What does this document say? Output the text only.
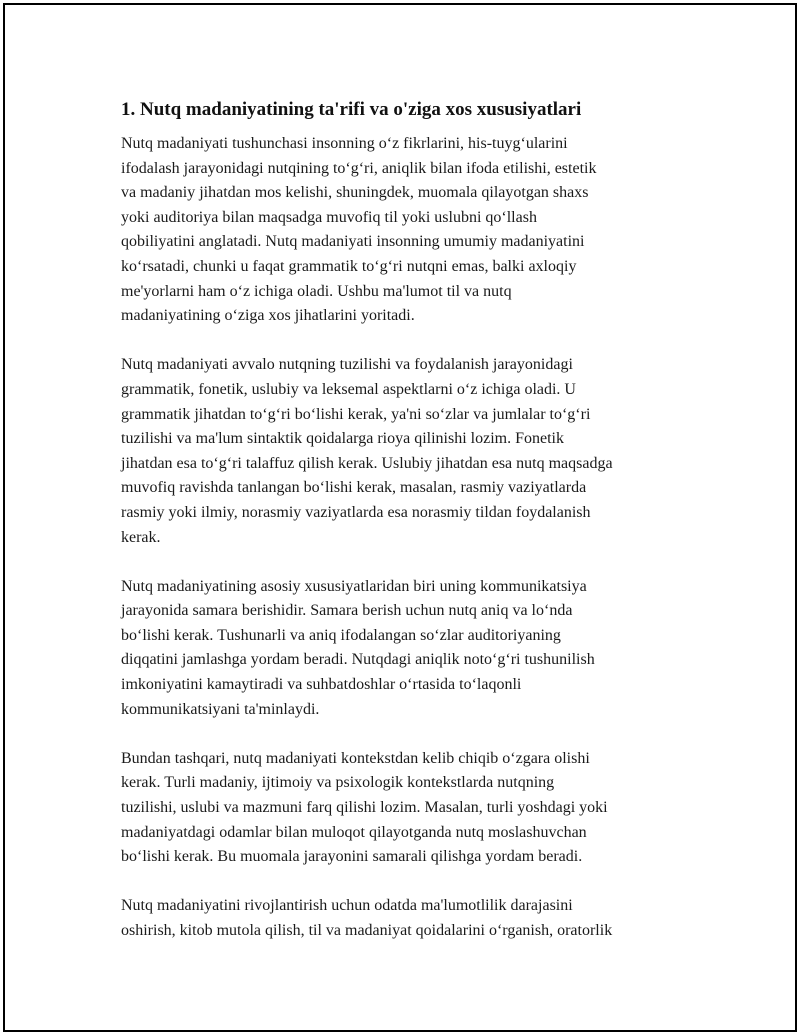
1. Nutq madaniyatining ta'rifi va o'ziga xos xususiyatlari

Nutq madaniyati tushunchasi insonning o‘z fikrlarini, his-tuyg‘ularini
ifodalash jarayonidagi nutqining to‘g‘ri, aniqlik bilan ifoda etilishi, estetik
va madaniy jihatdan mos kelishi, shuningdek, muomala qilayotgan shaxs
yoki auditoriya bilan maqsadga muvofiq til yoki uslubni qo‘llash
qobiliyatini anglatadi. Nutq madaniyati insonning umumiy madaniyatini
ko‘rsatadi, chunki u faqat grammatik to‘g‘ri nutqni emas, balki axloqiy
me'yorlarni ham o‘z ichiga oladi. Ushbu ma'lumot til va nutq
madaniyatining o‘ziga xos jihatlarini yoritadi.

Nutq madaniyati avvalo nutqning tuzilishi va foydalanish jarayonidagi
grammatik, fonetik, uslubiy va leksemal aspektlarni o‘z ichiga oladi. U
grammatik jihatdan to‘g‘ri bo‘lishi kerak, ya'ni so‘zlar va jumlalar to‘g‘ri
tuzilishi va ma'lum sintaktik qoidalarga rioya qilinishi lozim. Fonetik
jihatdan esa to‘g‘ri talaffuz qilish kerak. Uslubiy jihatdan esa nutq maqsadga
muvofiq ravishda tanlangan bo‘lishi kerak, masalan, rasmiy vaziyatlarda
rasmiy yoki ilmiy, norasmiy vaziyatlarda esa norasmiy tildan foydalanish
kerak.

Nutq madaniyatining asosiy xususiyatlaridan biri uning kommunikatsiya
jarayonida samara berishidir. Samara berish uchun nutq aniq va lo‘nda
bo‘lishi kerak. Tushunarli va aniq ifodalangan so‘zlar auditoriyaning
diqqatini jamlashga yordam beradi. Nutqdagi aniqlik noto‘g‘ri tushunilish
imkoniyatini kamaytiradi va suhbatdoshlar o‘rtasida to‘laqonli
kommunikatsiyani ta'minlaydi.

Bundan tashqari, nutq madaniyati kontekstdan kelib chiqib o‘zgara olishi
kerak. Turli madaniy, ijtimoiy va psixologik kontekstlarda nutqning
tuzilishi, uslubi va mazmuni farq qilishi lozim. Masalan, turli yoshdagi yoki
madaniyatdagi odamlar bilan muloqot qilayotganda nutq moslashuvchan
bo‘lishi kerak. Bu muomala jarayonini samarali qilishga yordam beradi.

Nutq madaniyatini rivojlantirish uchun odatda ma'lumotlilik darajasini
oshirish, kitob mutola qilish, til va madaniyat qoidalarini o‘rganish, oratorlik
